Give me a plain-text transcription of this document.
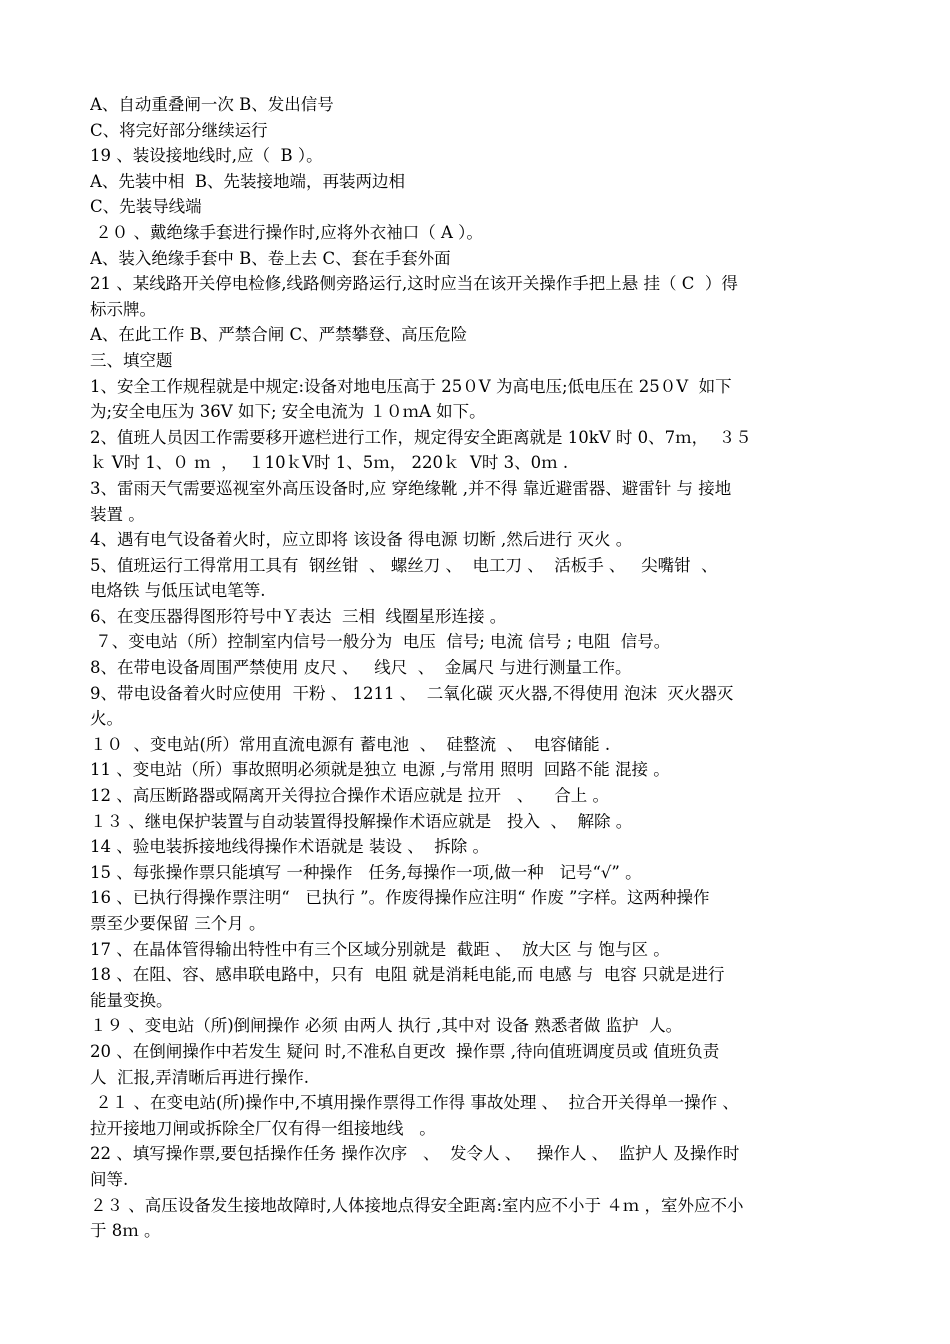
A、自动重叠闸一次 B、发出信号
C、将完好部分继续运行
19 、装设接地线时,应（  B ）。
A、先装中相  B、先装接地端，再装两边相
C、先装导线端
２０ 、戴绝缘手套进行操作时,应将外衣袖口（ A ）。
A、装入绝缘手套中 B、卷上去 C、套在手套外面
21 、某线路开关停电检修,线路侧旁路运行,这时应当在该开关操作手把上悬 挂（ C  ）得
标示牌。
A、在此工作 B、严禁合闸 C、严禁攀登、高压危险
三、填空题
1、安全工作规程就是中规定:设备对地电压高于 25０V 为高电压;低电压在 25０V  如下
为;安全电压为 36V 如下; 安全电流为 １０ｍA 如下。
2、值班人员因工作需要移开遮栏进行工作，规定得安全距离就是 10kV 时 0、7ｍ，  ３５
ｋ V时 1、０ ｍ  ，  １10ｋV时 1、5ｍ， 220ｋ  V时 3、0ｍ .
3、雷雨天气需要巡视室外高压设备时,应 穿绝缘靴 ,并不得 靠近避雷器、避雷针 与 接地
装置 。
4、遇有电气设备着火时，应立即将 该设备 得电源 切断 ,然后进行 灭火 。
5、值班运行工得常用工具有  钢丝钳  、 螺丝刀 、  电工刀 、  活板手 、   尖嘴钳  、
电烙铁 与低压试电笔等.
6、在变压器得图形符号中Ｙ表达  三相  线圈星形连接 。
７、变电站（所）控制室内信号一般分为  电压  信号; 电流 信号 ; 电阻  信号。
8、在带电设备周围严禁使用 皮尺 、   线尺  、  金属尺 与进行测量工作。
9、带电设备着火时应使用  干粉 、 1211 、  二氧化碳 灭火器,不得使用 泡沫  灭火器灭
火。
１０  、变电站(所）常用直流电源有 蓄电池  、  硅整流  、  电容储能 .
11 、变电站（所）事故照明必须就是独立 电源 ,与常用 照明  回路不能 混接 。
12 、高压断路器或隔离开关得拉合操作术语应就是 拉开   、    合上 。
１３ 、继电保护装置与自动装置得投解操作术语应就是   投入  、  解除 。
14 、验电装拆接地线得操作术语就是 装设 、  拆除 。
15 、每张操作票只能填写 一种操作   任务,每操作一项,做一种   记号“√” 。
16 、已执行得操作票注明“   已执行 ”。作废得操作应注明“ 作废 ”字样。这两种操作
票至少要保留 三个月 。
17 、在晶体管得输出特性中有三个区域分别就是  截距 、  放大区 与 饱与区 。
18 、在阻、容、感串联电路中，只有  电阻 就是消耗电能,而 电感 与  电容 只就是进行
能量变换。
１９ 、变电站（所)倒闸操作 必须 由两人 执行 ,其中对 设备 熟悉者做 监护  人。
20 、在倒闸操作中若发生 疑问 时,不准私自更改  操作票 ,待向值班调度员或 值班负责
人  汇报,弄清晰后再进行操作.
２１ 、在变电站(所)操作中,不填用操作票得工作得 事故处理 、  拉合开关得单一操作 、
拉开接地刀闸或拆除全厂仅有得一组接地线   。
22 、填写操作票,要包括操作任务 操作次序   、  发令人 、   操作人 、  监护人 及操作时
间等.
２３ 、高压设备发生接地故障时,人体接地点得安全距离:室内应不小于 ４ｍ ，室外应不小
于 8ｍ 。
